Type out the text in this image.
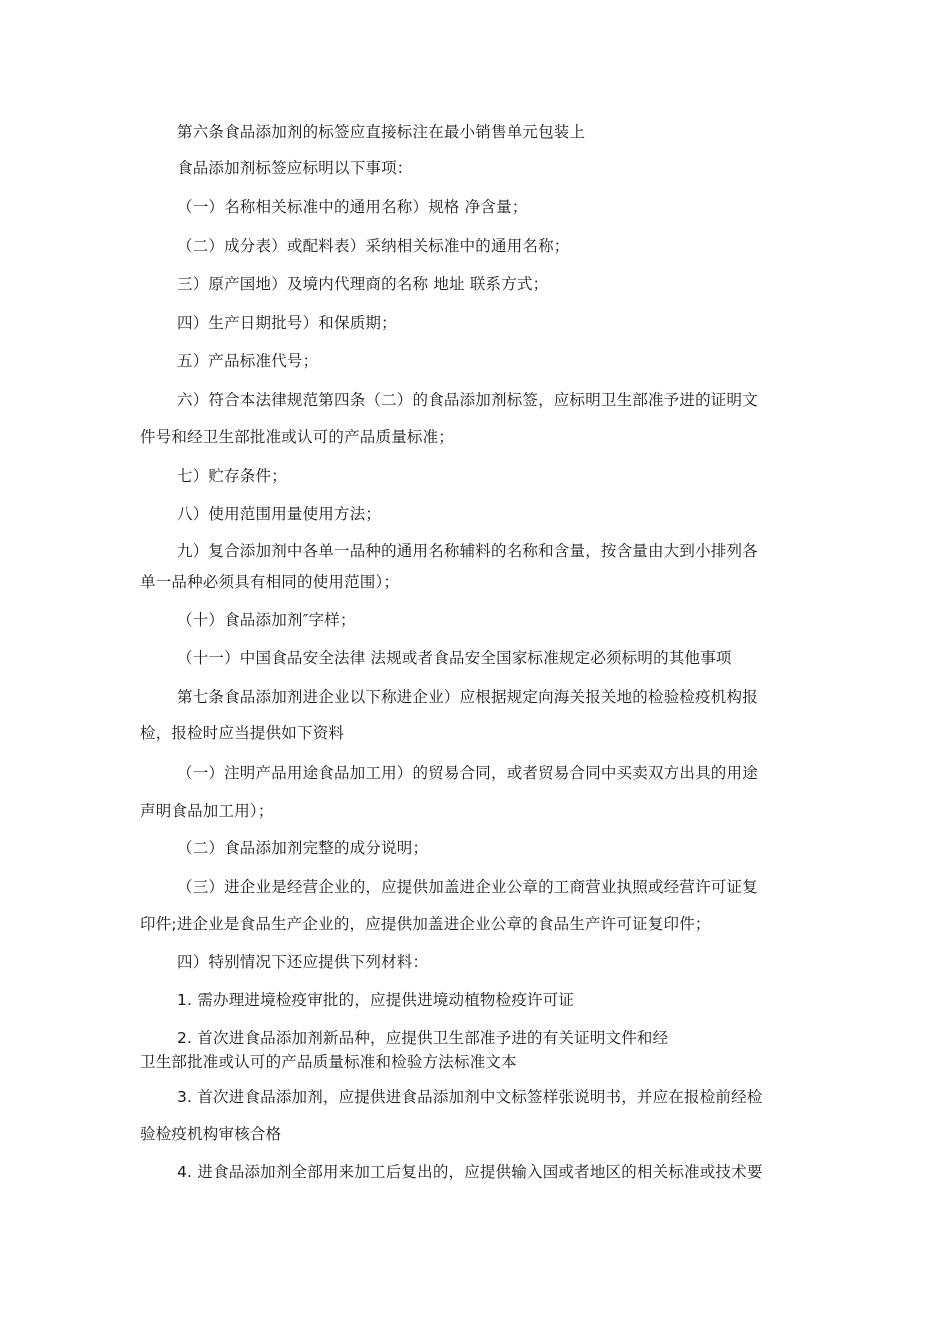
第六条食品添加剂的标签应直接标注在最小销售单元包装上
食品添加剂标签应标明以下事项：
（一）名称相关标准中的通用名称）规格 净含量；
（二）成分表）或配料表）采纳相关标准中的通用名称；
三）原产国地）及境内代理商的名称 地址 联系方式；
四）生产日期批号）和保质期；
五）产品标准代号；
六）符合本法律规范第四条（二）的食品添加剂标签，应标明卫生部准予进的证明文
件号和经卫生部批准或认可的产品质量标准；
七）贮存条件；
八）使用范围用量使用方法；
九）复合添加剂中各单一品种的通用名称辅料的名称和含量，按含量由大到小排列各
单一品种必须具有相同的使用范围）；
（十）食品添加剂″字样；
（十一）中国食品安全法律 法规或者食品安全国家标准规定必须标明的其他事项
第七条食品添加剂进企业以下称进企业）应根据规定向海关报关地的检验检疫机构报
检，报检时应当提供如下资料
（一）注明产品用途食品加工用）的贸易合同，或者贸易合同中买卖双方出具的用途
声明食品加工用）；
（二）食品添加剂完整的成分说明；
（三）进企业是经营企业的，应提供加盖进企业公章的工商营业执照或经营许可证复
印件;进企业是食品生产企业的，应提供加盖进企业公章的食品生产许可证复印件；
四）特别情况下还应提供下列材料：
1. 需办理进境检疫审批的，应提供进境动植物检疫许可证
2. 首次进食品添加剂新品种，应提供卫生部准予进的有关证明文件和经
卫生部批准或认可的产品质量标准和检验方法标准文本
3. 首次进食品添加剂，应提供进食品添加剂中文标签样张说明书，并应在报检前经检
验检疫机构审核合格
4. 进食品添加剂全部用来加工后复出的，应提供输入国或者地区的相关标准或技术要
